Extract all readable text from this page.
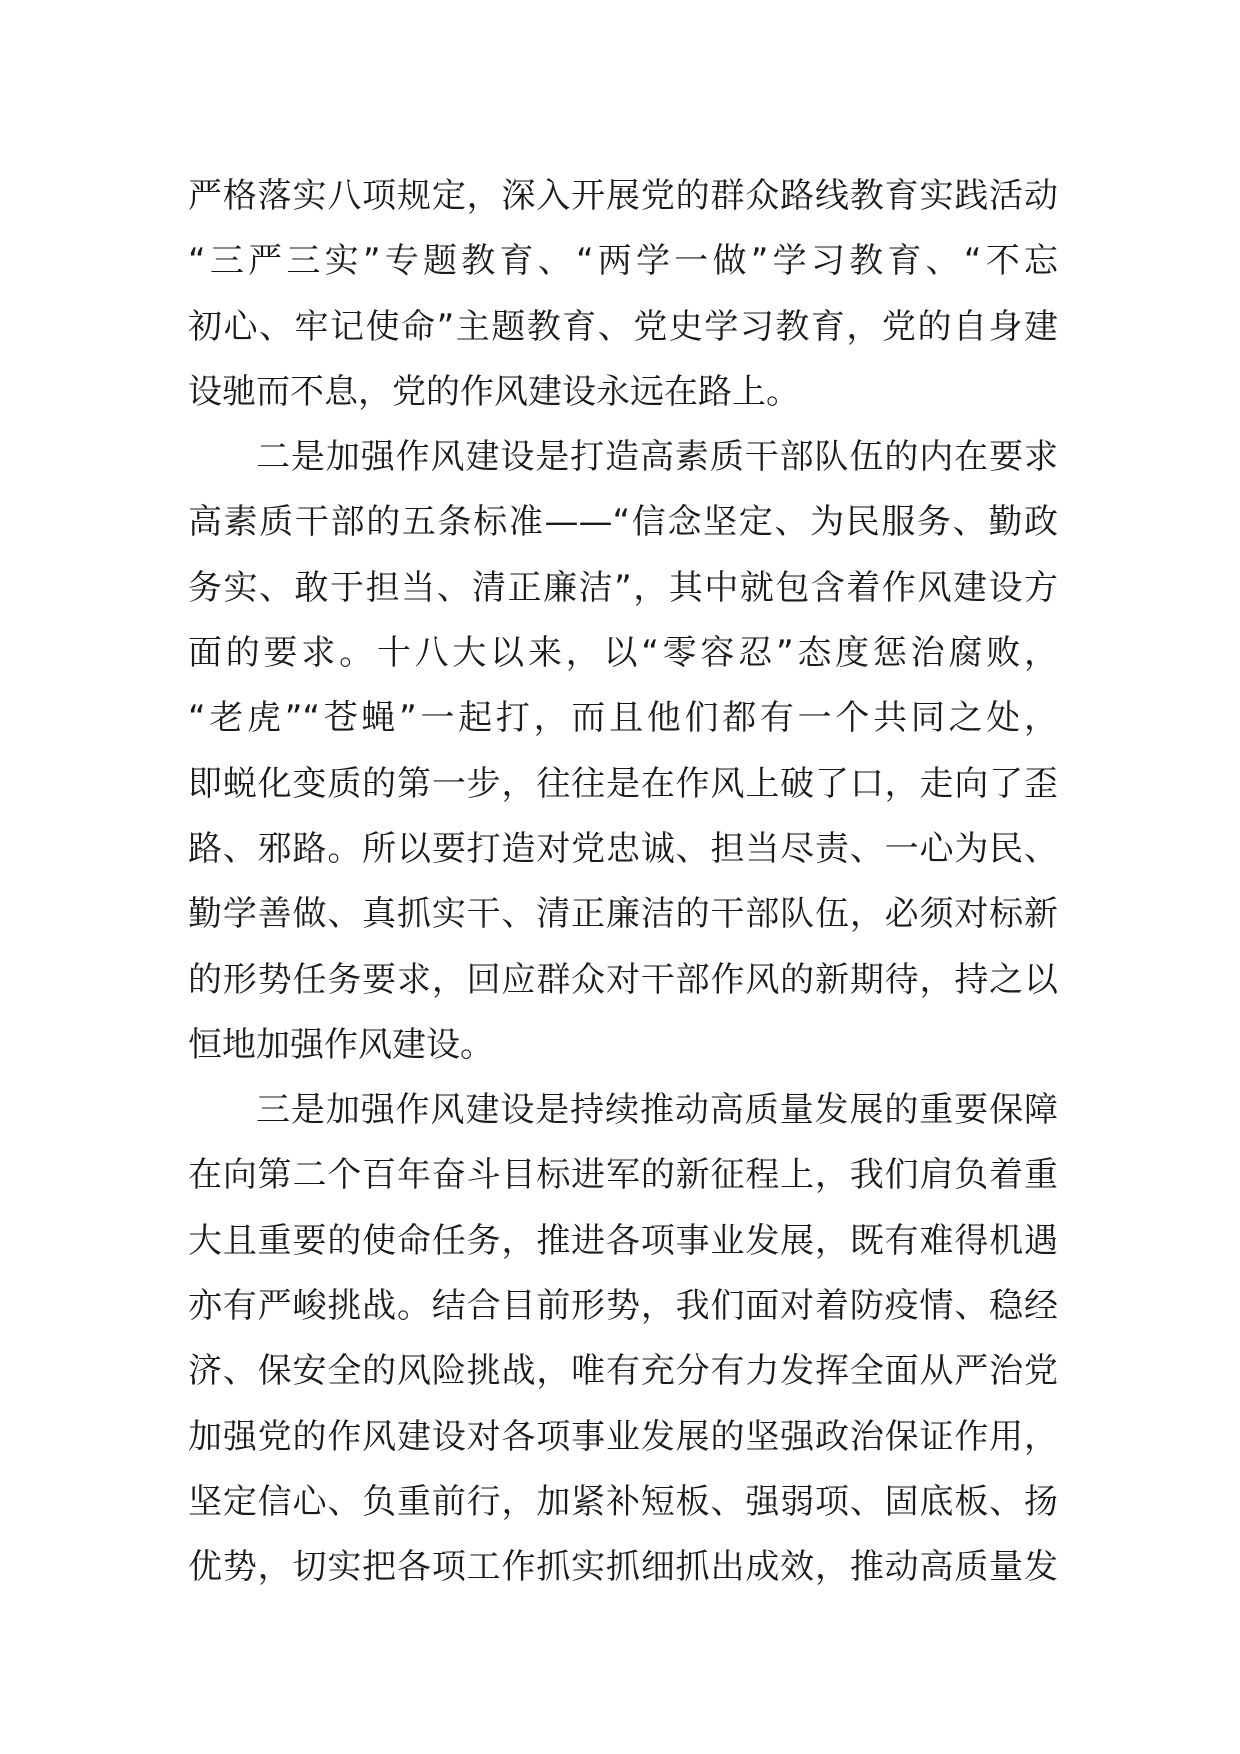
严格落实八项规定，深入开展党的群众路线教育实践活动
“三严三实”专题教育、“两学一做”学习教育、“不忘
初心、牢记使命”主题教育、党史学习教育，党的自身建
设驰而不息，党的作风建设永远在路上。
二是加强作风建设是打造高素质干部队伍的内在要求
高素质干部的五条标准——“信念坚定、为民服务、勤政
务实、敢于担当、清正廉洁”，其中就包含着作风建设方
面的要求。十八大以来，以“零容忍”态度惩治腐败，
“老虎”“苍蝇”一起打，而且他们都有一个共同之处，
即蜕化变质的第一步，往往是在作风上破了口，走向了歪
路、邪路。所以要打造对党忠诚、担当尽责、一心为民、
勤学善做、真抓实干、清正廉洁的干部队伍，必须对标新
的形势任务要求，回应群众对干部作风的新期待，持之以
恒地加强作风建设。
三是加强作风建设是持续推动高质量发展的重要保障
在向第二个百年奋斗目标进军的新征程上，我们肩负着重
大且重要的使命任务，推进各项事业发展，既有难得机遇
亦有严峻挑战。结合目前形势，我们面对着防疫情、稳经
济、保安全的风险挑战，唯有充分有力发挥全面从严治党
加强党的作风建设对各项事业发展的坚强政治保证作用，
坚定信心、负重前行，加紧补短板、强弱项、固底板、扬
优势，切实把各项工作抓实抓细抓出成效，推动高质量发
